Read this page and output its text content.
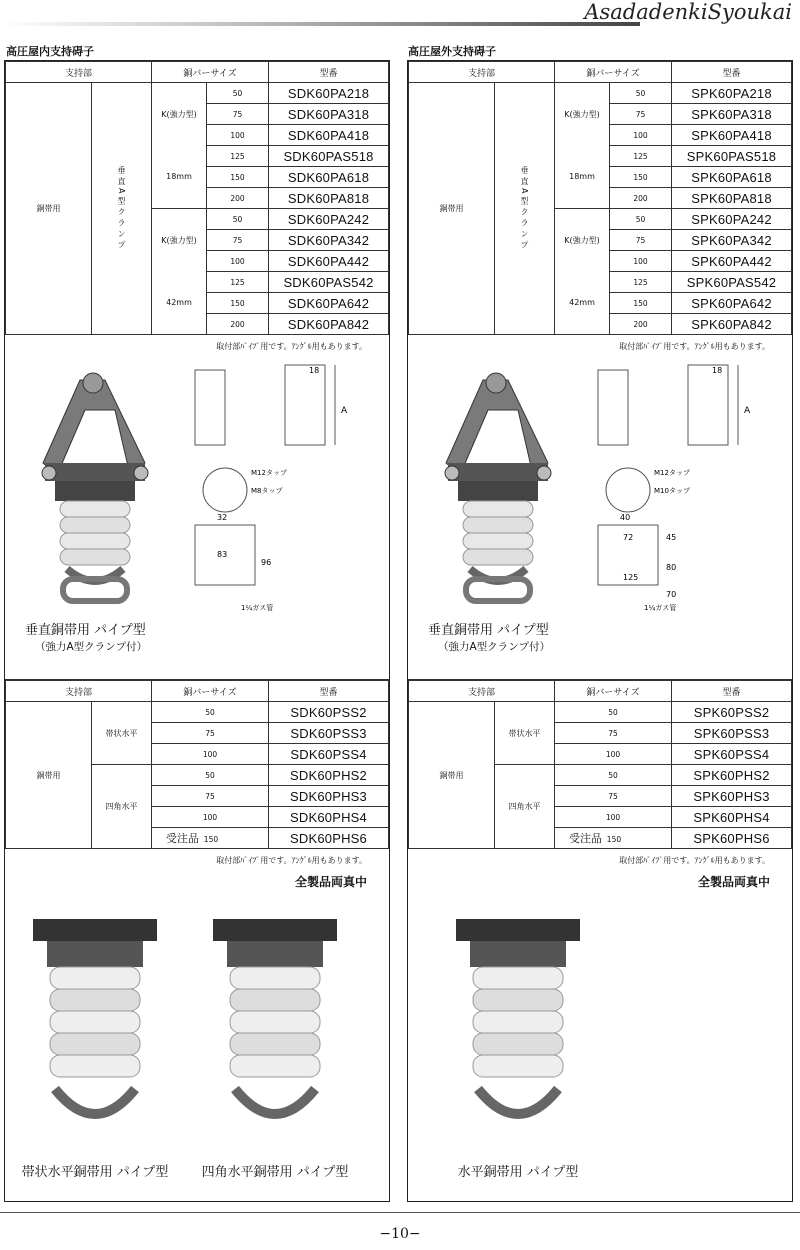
AsadadenkiSyoukai
高圧屋内支持碍子	高圧屋外支持碍子
支持部		銅バーサイズ		型番
銅帯用	垂直A型クランプ	K(強力型)	50	SDK60PA218
			75	SDK60PA318
			100	SDK60PA418
		18mm	125	SDK60PAS518
			150	SDK60PA618
			200	SDK60PA818
		K(強力型)	50	SDK60PA242
			75	SDK60PA342
			100	SDK60PA442
		42mm	125	SDK60PAS542
			150	SDK60PA642
			200	SDK60PA842
取付部ﾊﾟｲﾌﾟ用です。ｱﾝｸﾞﾙ用もあります。
18
A
M12タップ
M8タップ
32
83
96
1¼ガス管
垂直銅帯用 パイプ型
（強力A型クランプ付）
支持部		銅バーサイズ	型番
銅帯用	帯状水平	50	SDK60PSS2
		75	SDK60PSS3
		100	SDK60PSS4
	四角水平	50	SDK60PHS2
		75	SDK60PHS3
		100	SDK60PHS4
		受注品 150	SDK60PHS6
取付部ﾊﾟｲﾌﾟ用です。ｱﾝｸﾞﾙ用もあります。
全製品両真中
帯状水平銅帯用 パイプ型	四角水平銅帯用 パイプ型
支持部		銅バーサイズ		型番
銅帯用	垂直A型クランプ	K(強力型)	50	SPK60PA218
			75	SPK60PA318
			100	SPK60PA418
		18mm	125	SPK60PAS518
			150	SPK60PA618
			200	SPK60PA818
		K(強力型)	50	SPK60PA242
			75	SPK60PA342
			100	SPK60PA442
		42mm	125	SPK60PAS542
			150	SPK60PA642
			200	SPK60PA842
取付部ﾊﾟｲﾌﾟ用です。ｱﾝｸﾞﾙ用もあります。
18
A
M12タップ
M10タップ
40
72
125
45
80
70
1¼ガス管
垂直銅帯用 パイプ型
（強力A型クランプ付）
支持部		銅バーサイズ	型番
銅帯用	帯状水平	50	SPK60PSS2
		75	SPK60PSS3
		100	SPK60PSS4
	四角水平	50	SPK60PHS2
		75	SPK60PHS3
		100	SPK60PHS4
		受注品 150	SPK60PHS6
取付部ﾊﾟｲﾌﾟ用です。ｱﾝｸﾞﾙ用もあります。
全製品両真中
水平銅帯用 パイプ型
−10−
